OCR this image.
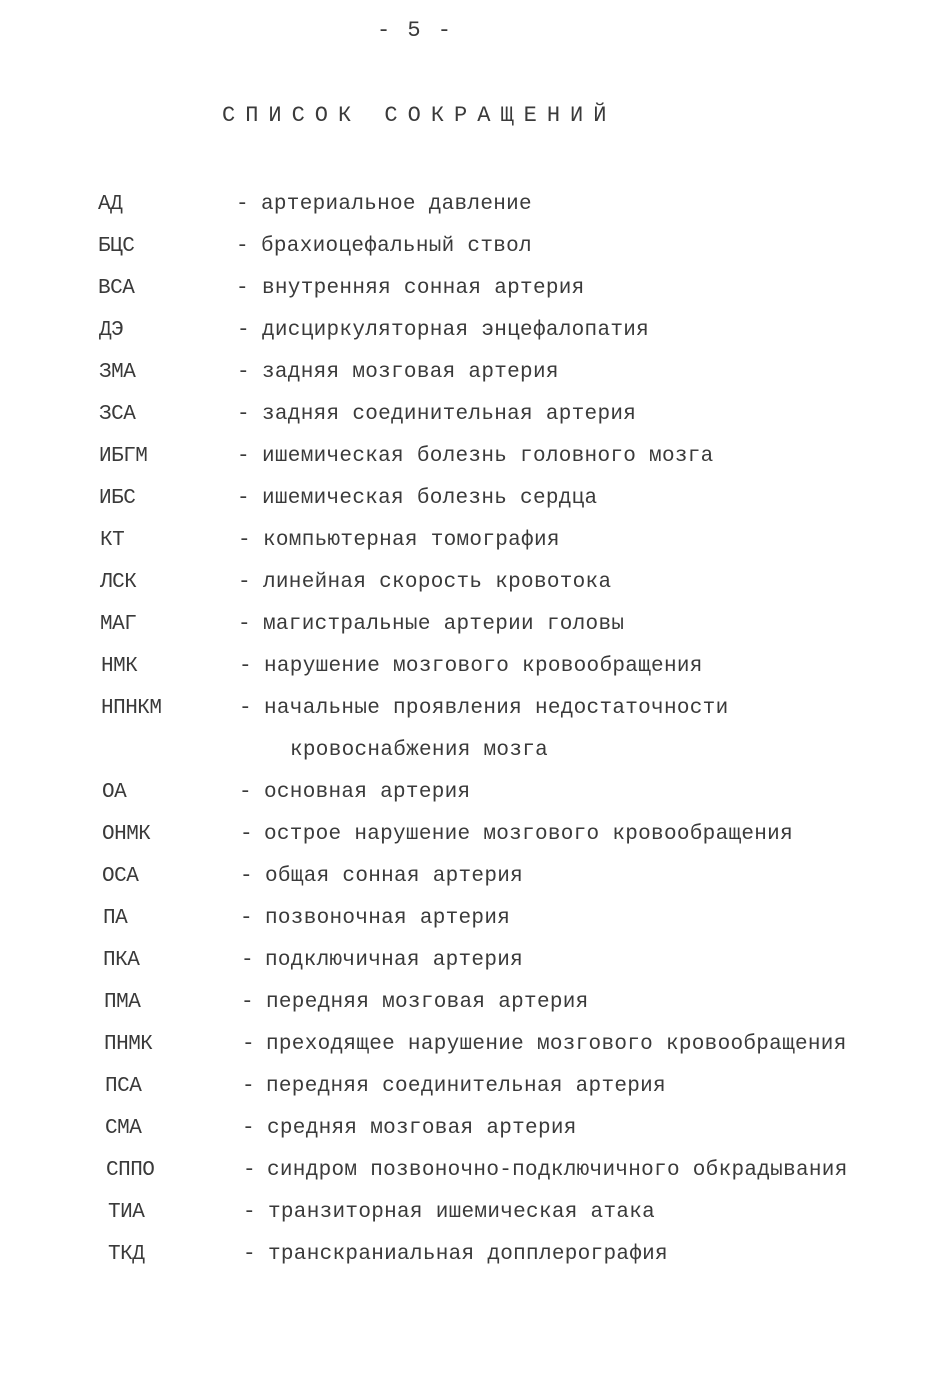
- 5 -
СПИСОК СОКРАЩЕНИЙ
АД	- артериальное давление
БЦС	- брахиоцефальный ствол
ВСА	- внутренняя сонная артерия
ДЭ	- дисциркуляторная энцефалопатия
ЗМА	- задняя мозговая артерия
ЗСА	- задняя соединительная артерия
ИБГМ	- ишемическая болезнь головного мозга
ИБС	- ишемическая болезнь сердца
КТ	- компьютерная томография
ЛСК	- линейная скорость кровотока
МАГ	- магистральные артерии головы
НМК	- нарушение мозгового кровообращения
НПНКМ	- начальные проявления недостаточности
кровоснабжения мозга
ОА	- основная артерия
ОНМК	- острое нарушение мозгового кровообращения
ОСА	- общая сонная артерия
ПА	- позвоночная артерия
ПКА	- подключичная артерия
ПМА	- передняя мозговая артерия
ПНМК	- преходящее нарушение мозгового кровообращения
ПСА	- передняя соединительная артерия
СМА	- средняя мозговая артерия
СППО	- синдром позвоночно-подключичного обкрадывания
ТИА	- транзиторная ишемическая атака
ТКД	- транскраниальная допплерография
